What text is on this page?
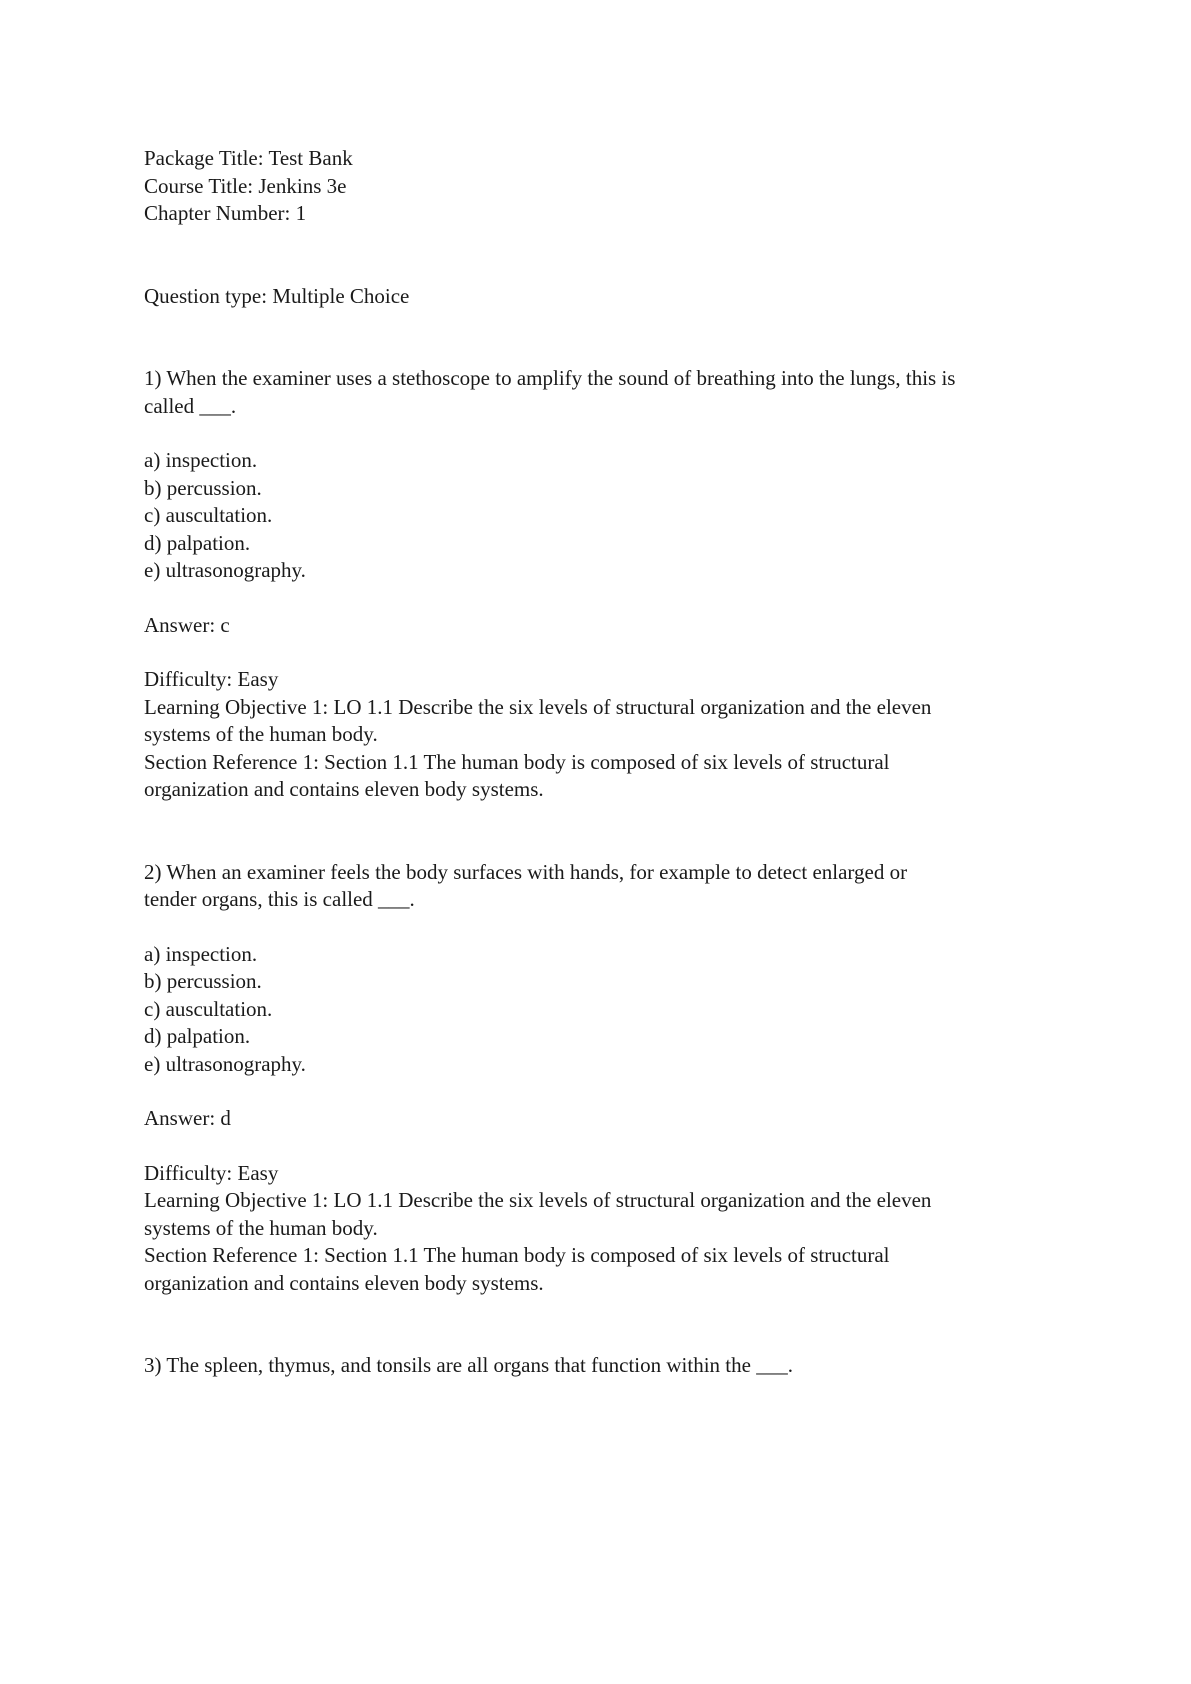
Package Title: Test Bank
Course Title: Jenkins 3e
Chapter Number: 1
Question type: Multiple Choice
1) When the examiner uses a stethoscope to amplify the sound of breathing into the lungs, this is
called ___.
a) inspection.
b) percussion.
c) auscultation.
d) palpation.
e) ultrasonography.
Answer: c
Difficulty: Easy
Learning Objective 1: LO 1.1 Describe the six levels of structural organization and the eleven
systems of the human body.
Section Reference 1: Section 1.1 The human body is composed of six levels of structural
organization and contains eleven body systems.
2) When an examiner feels the body surfaces with hands, for example to detect enlarged or
tender organs, this is called ___.
a) inspection.
b) percussion.
c) auscultation.
d) palpation.
e) ultrasonography.
Answer: d
Difficulty: Easy
Learning Objective 1: LO 1.1 Describe the six levels of structural organization and the eleven
systems of the human body.
Section Reference 1: Section 1.1 The human body is composed of six levels of structural
organization and contains eleven body systems.
3) The spleen, thymus, and tonsils are all organs that function within the ___.
